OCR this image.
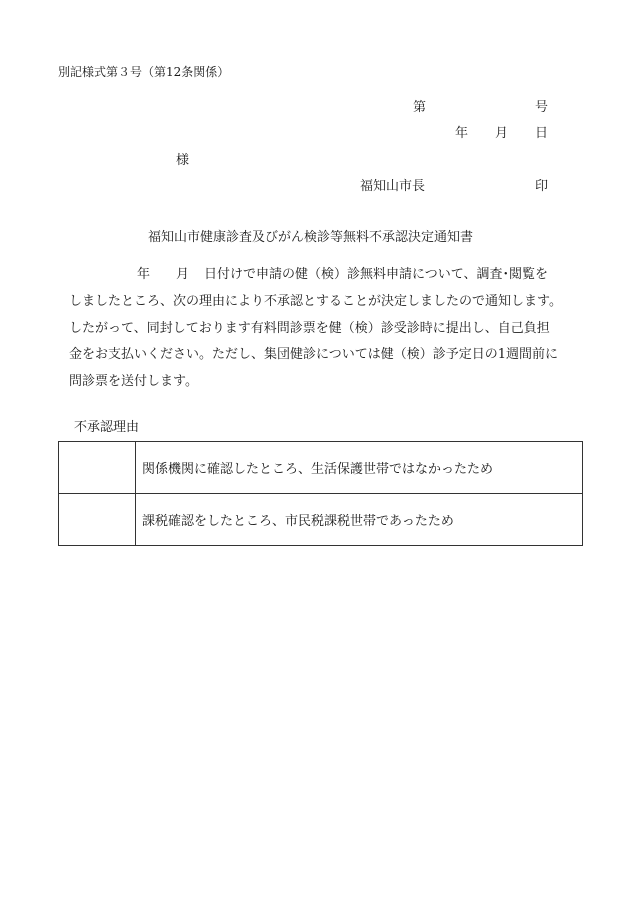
別記様式第３号（第12条関係）
第	号
年 月 日
様
福知山市長	印
福知山市健康診査及びがん検診等無料不承認決定通知書
年 月 日付けで申請の健（検）診無料申請について、調査･閲覧を
しましたところ、次の理由により不承認とすることが決定しましたので通知します。
したがって、同封しております有料問診票を健（検）診受診時に提出し、自己負担
金をお支払いください。ただし、集団健診については健（検）診予定日の1週間前に
問診票を送付します。
不承認理由
	関係機関に確認したところ、生活保護世帯ではなかったため
	課税確認をしたところ、市民税課税世帯であったため
